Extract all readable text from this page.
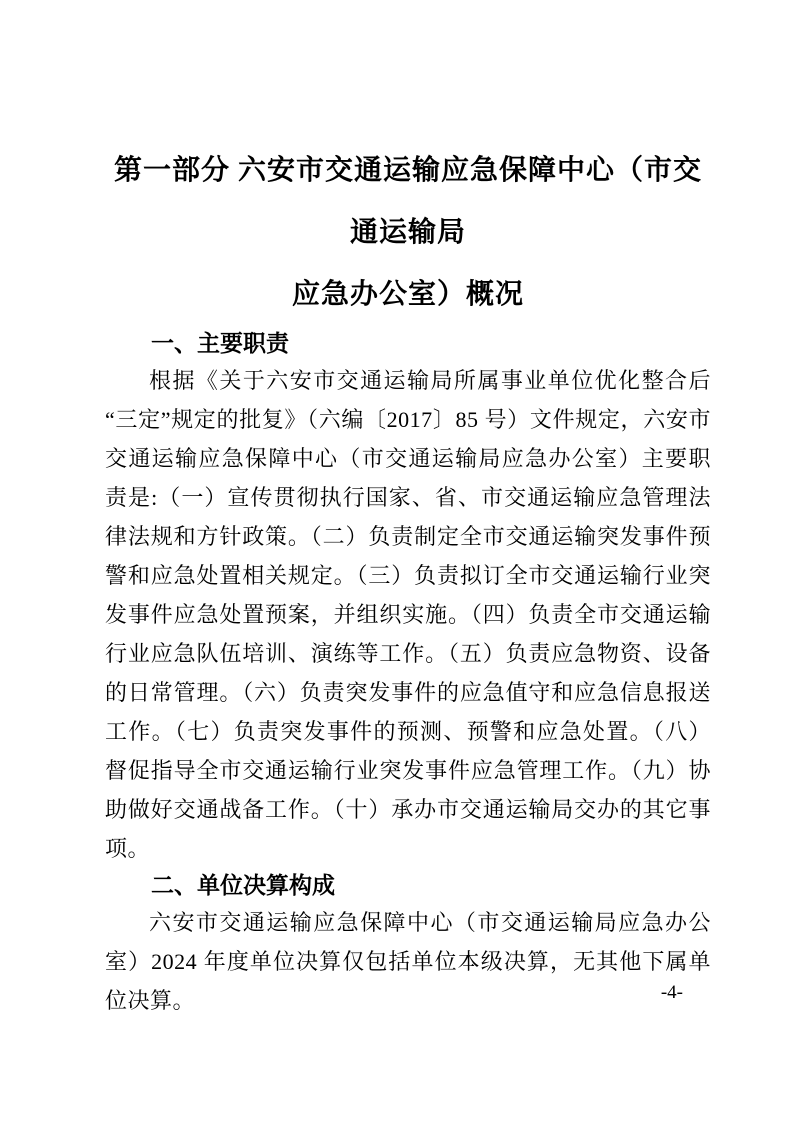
第一部分 六安市交通运输应急保障中心（市交通运输局
应急办公室）概况
一、主要职责

根据《关于六安市交通运输局所属事业单位优化整合后“三定”规定的批复》（六编〔2017〕85 号）文件规定，六安市交通运输应急保障中心（市交通运输局应急办公室）主要职责是:（一）宣传贯彻执行国家、省、市交通运输应急管理法律法规和方针政策。（二）负责制定全市交通运输突发事件预警和应急处置相关规定。（三）负责拟订全市交通运输行业突发事件应急处置预案，并组织实施。（四）负责全市交通运输行业应急队伍培训、演练等工作。（五）负责应急物资、设备的日常管理。（六）负责突发事件的应急值守和应急信息报送工作。（七）负责突发事件的预测、预警和应急处置。（八）督促指导全市交通运输行业突发事件应急管理工作。（九）协助做好交通战备工作。（十）承办市交通运输局交办的其它事项。

二、单位决算构成

六安市交通运输应急保障中心（市交通运输局应急办公室）2024 年度单位决算仅包括单位本级决算，无其他下属单位决算。	-4-
